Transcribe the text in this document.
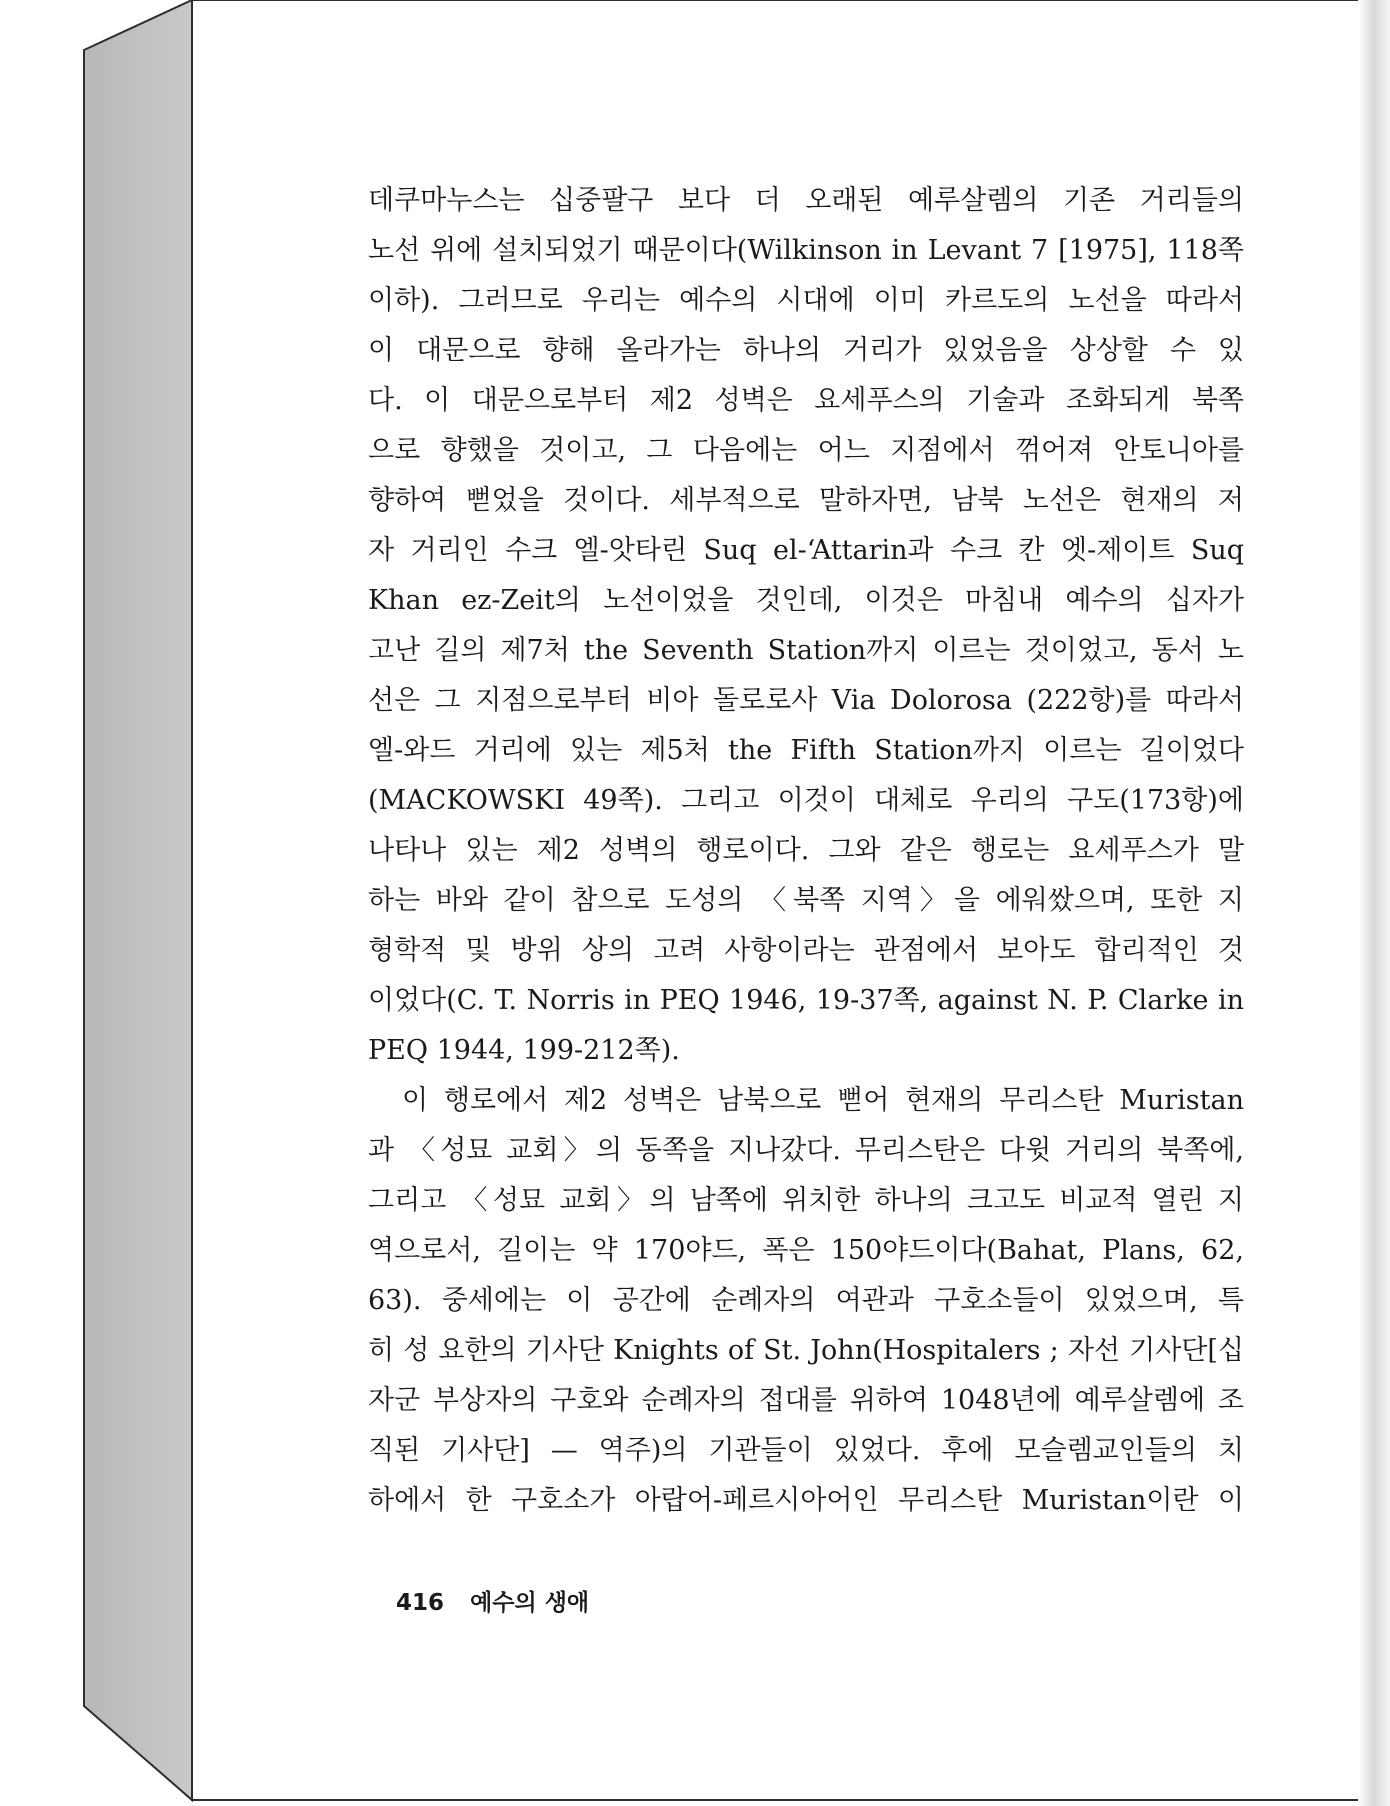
데쿠마누스는 십중팔구 보다 더 오래된 예루살렘의 기존 거리들의
노선 위에 설치되었기 때문이다(Wilkinson in Levant 7 [1975], 118쪽
이하). 그러므로 우리는 예수의 시대에 이미 카르도의 노선을 따라서
이 대문으로 향해 올라가는 하나의 거리가 있었음을 상상할 수 있
다. 이 대문으로부터 제2 성벽은 요세푸스의 기술과 조화되게 북쪽
으로 향했을 것이고, 그 다음에는 어느 지점에서 꺾어져 안토니아를
향하여 뻗었을 것이다. 세부적으로 말하자면, 남북 노선은 현재의 저
자 거리인 수크 엘-앗타린 Suq el-‘Attarin과 수크 칸 엣-제이트 Suq
Khan ez-Zeit의 노선이었을 것인데, 이것은 마침내 예수의 십자가
고난 길의 제7처 the Seventh Station까지 이르는 것이었고, 동서 노
선은 그 지점으로부터 비아 돌로로사 Via Dolorosa (222항)를 따라서
엘-와드 거리에 있는 제5처 the Fifth Station까지 이르는 길이었다
(MACKOWSKI 49쪽). 그리고 이것이 대체로 우리의 구도(173항)에
나타나 있는 제2 성벽의 행로이다. 그와 같은 행로는 요세푸스가 말
하는 바와 같이 참으로 도성의 〈북쪽 지역〉을 에워쌌으며, 또한 지
형학적 및 방위 상의 고려 사항이라는 관점에서 보아도 합리적인 것
이었다(C. T. Norris in PEQ 1946, 19-37쪽, against N. P. Clarke in
PEQ 1944, 199-212쪽).
이 행로에서 제2 성벽은 남북으로 뻗어 현재의 무리스탄 Muristan
과 〈성묘 교회〉의 동쪽을 지나갔다. 무리스탄은 다윗 거리의 북쪽에,
그리고 〈성묘 교회〉의 남쪽에 위치한 하나의 크고도 비교적 열린 지
역으로서, 길이는 약 170야드, 폭은 150야드이다(Bahat, Plans, 62,
63). 중세에는 이 공간에 순례자의 여관과 구호소들이 있었으며, 특
히 성 요한의 기사단 Knights of St. John(Hospitalers ; 자선 기사단[십
자군 부상자의 구호와 순례자의 접대를 위하여 1048년에 예루살렘에 조
직된 기사단] — 역주)의 기관들이 있었다. 후에 모슬렘교인들의 치
하에서 한 구호소가 아랍어-페르시아어인 무리스탄 Muristan이란 이
416 예수의 생애
